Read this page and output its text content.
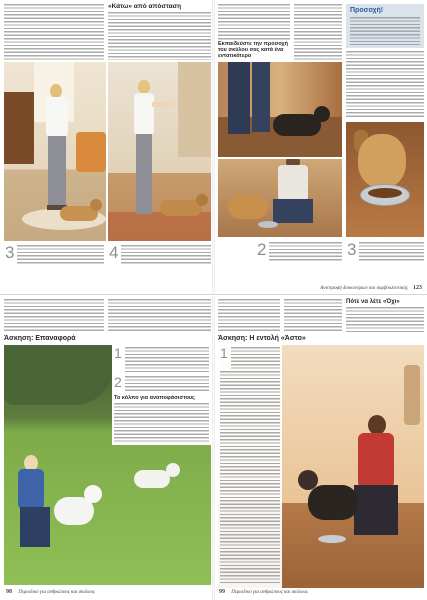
«Κάτω» από απόσταση
3	4
Εκπαιδεύστε την προσοχή του σκύλου σας κατά ένα εντατικότερο
Προσοχή!
2	3
Αυτοτροφή δουκυνόμων και συμβουλευτικής 123
Άσκηση: Επαναφορά
1
2
Το κόλπο για αναποφάσιστους
98 Περιοδικό για ανθρώπους και σκύλους
Πότε να λέτε «Όχι»
Άσκηση: Η εντολή «Άστο»
1
99 Περιοδικό για ανθρώπους και σκύλους
